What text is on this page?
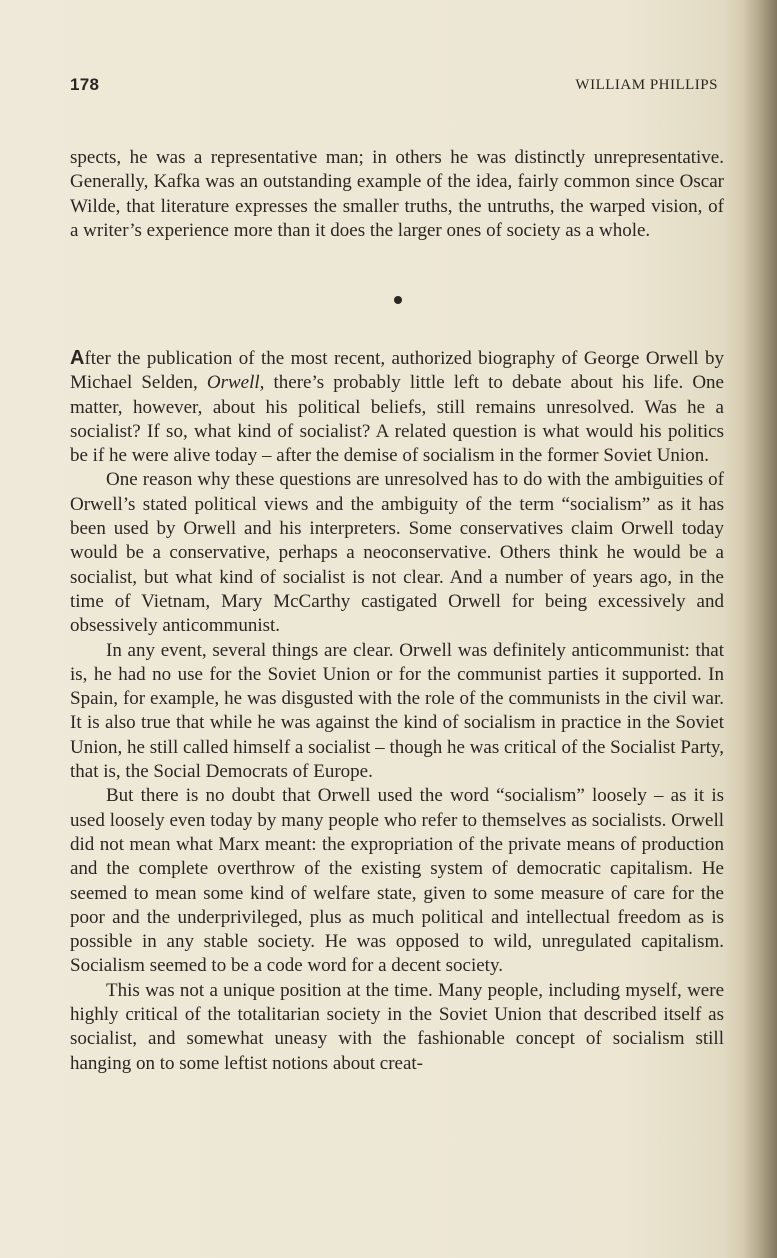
178	WILLIAM PHILLIPS

spects, he was a representative man; in others he was distinctly unrepresentative. Generally, Kafka was an outstanding example of the idea, fairly common since Oscar Wilde, that literature expresses the smaller truths, the untruths, the warped vision, of a writer’s experience more than it does the larger ones of society as a whole.

After the publication of the most recent, authorized biography of George Orwell by Michael Selden, Orwell, there’s probably little left to debate about his life. One matter, however, about his political beliefs, still remains unresolved. Was he a socialist? If so, what kind of socialist? A related question is what would his politics be if he were alive today – after the demise of socialism in the former Soviet Union.

One reason why these questions are unresolved has to do with the ambiguities of Orwell’s stated political views and the ambiguity of the term “socialism” as it has been used by Orwell and his interpreters. Some conservatives claim Orwell today would be a conservative, perhaps a neoconservative. Others think he would be a socialist, but what kind of socialist is not clear. And a number of years ago, in the time of Vietnam, Mary McCarthy castigated Orwell for being excessively and obsessively anticommunist.

In any event, several things are clear. Orwell was definitely anticommunist: that is, he had no use for the Soviet Union or for the communist parties it supported. In Spain, for example, he was disgusted with the role of the communists in the civil war. It is also true that while he was against the kind of socialism in practice in the Soviet Union, he still called himself a socialist – though he was critical of the Socialist Party, that is, the Social Democrats of Europe.

But there is no doubt that Orwell used the word “socialism” loosely – as it is used loosely even today by many people who refer to themselves as socialists. Orwell did not mean what Marx meant: the expropriation of the private means of production and the complete overthrow of the existing system of democratic capitalism. He seemed to mean some kind of welfare state, given to some measure of care for the poor and the underprivileged, plus as much political and intellectual freedom as is possible in any stable society. He was opposed to wild, unregulated capitalism. Socialism seemed to be a code word for a decent society.

This was not a unique position at the time. Many people, including myself, were highly critical of the totalitarian society in the Soviet Union that described itself as socialist, and somewhat uneasy with the fashionable concept of socialism still hanging on to some leftist notions about creat-
